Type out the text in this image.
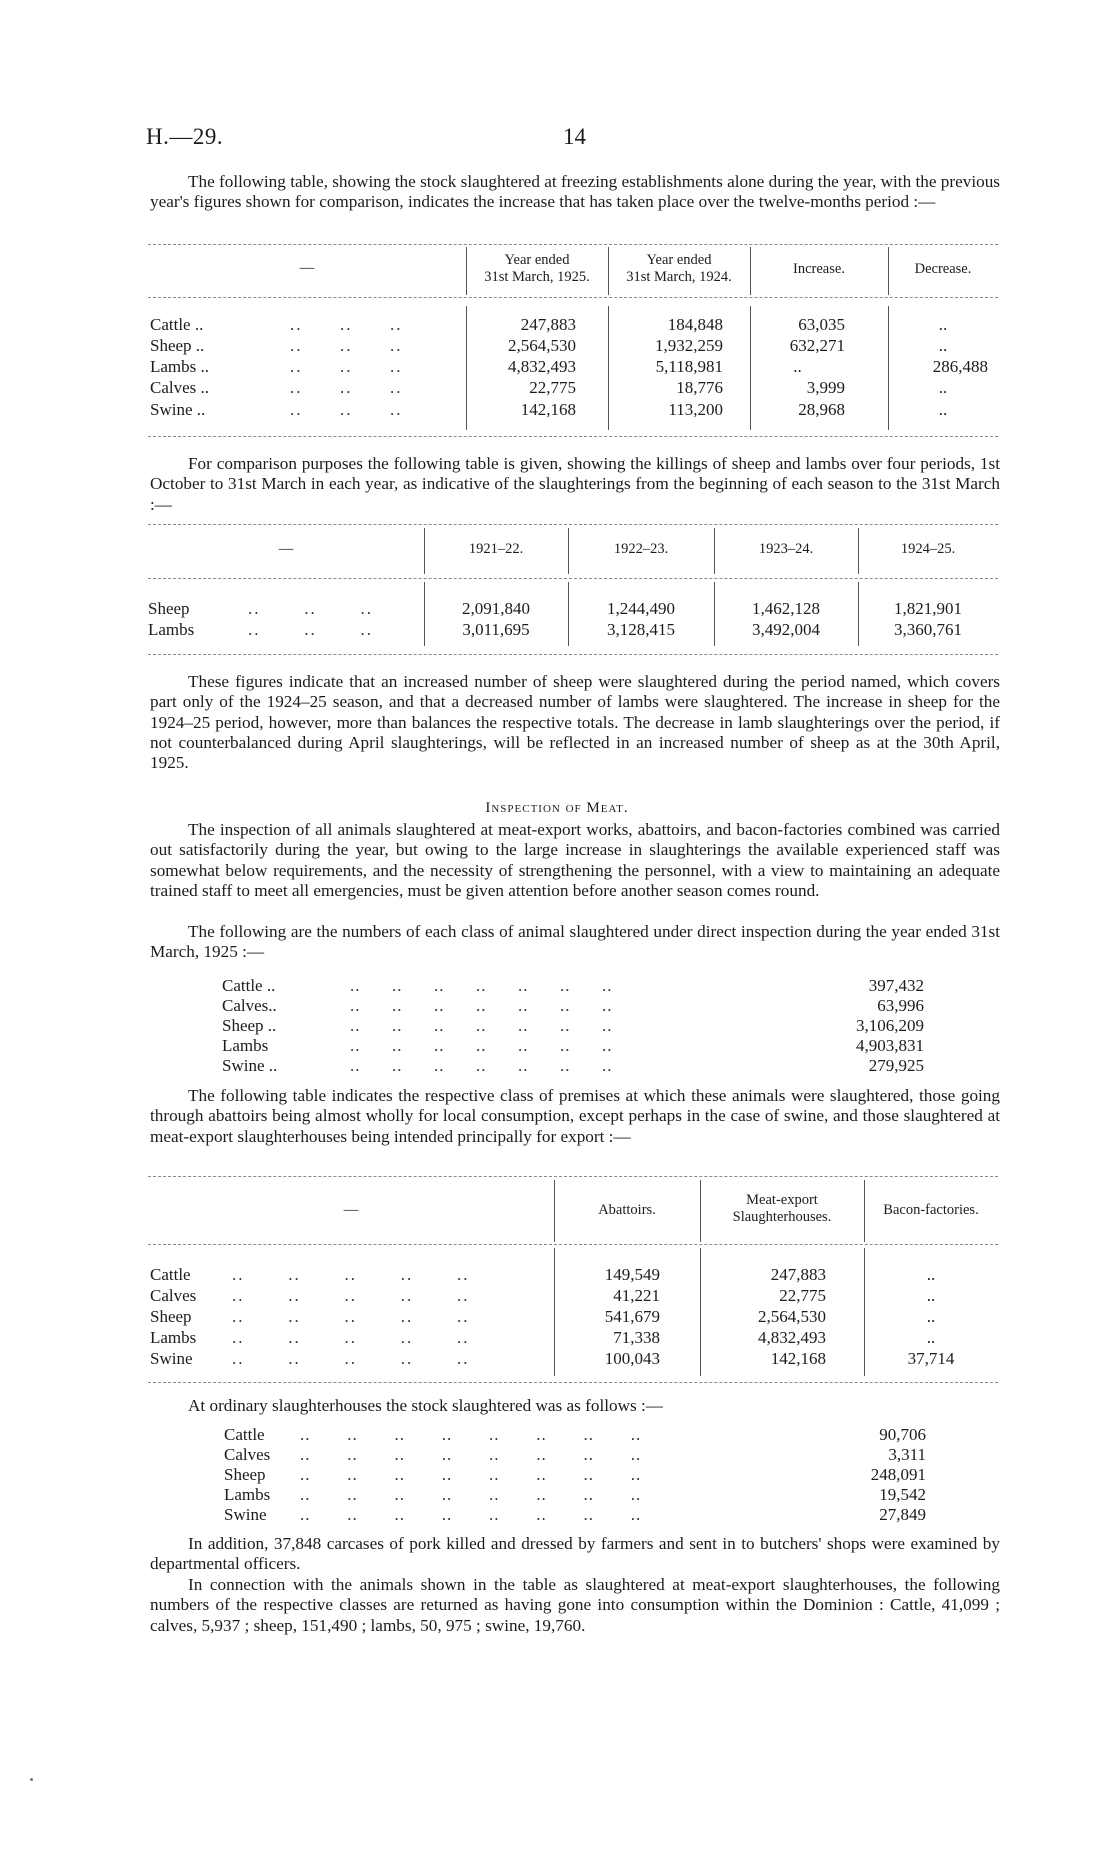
H.—29.	14

The following table, showing the stock slaughtered at freezing establishments alone during the year, with the previous year's figures shown for comparison, indicates the increase that has taken place over the twelve-months period :—

—	Year ended
31st March, 1925.
Year ended
31st March, 1924.	Increase.	Decrease.
Cattle ..	..      ..      ..	247,883	184,848	63,035	..
Sheep ..	..      ..      ..	2,564,530	1,932,259	632,271	..
Lambs ..	..      ..      ..	4,832,493	5,118,981	..	286,488
Calves ..	..      ..      ..	22,775	18,776	3,999	..
Swine ..	..      ..      ..	142,168	113,200	28,968	..

For comparison purposes the following table is given, showing the killings of sheep and lambs over four periods, 1st October to 31st March in each year, as indicative of the slaughterings from the beginning of each season to the 31st March :—

—	1921–22.	1922–23.	1923–24.	1924–25.
Sheep	..       ..       ..	2,091,840	1,244,490	1,462,128	1,821,901
Lambs	..       ..       ..	3,011,695	3,128,415	3,492,004	3,360,761

These figures indicate that an increased number of sheep were slaughtered during the period named, which covers part only of the 1924–25 season, and that a decreased number of lambs were slaughtered. The increase in sheep for the 1924–25 period, however, more than balances the respective totals. The decrease in lamb slaughterings over the period, if not counterbalanced during April slaughterings, will be reflected in an increased number of sheep as at the 30th April, 1925.

Inspection of Meat.

The inspection of all animals slaughtered at meat-export works, abattoirs, and bacon-factories combined was carried out satisfactorily during the year, but owing to the large increase in slaughterings the available experienced staff was somewhat below requirements, and the necessity of strengthening the personnel, with a view to maintaining an adequate trained staff to meet all emergencies, must be given attention before another season comes round.

The following are the numbers of each class of animal slaughtered under direct inspection during the year ended 31st March, 1925 :—

Cattle ..	..      ..      ..      ..      ..      ..      ..	397,432
Calves..	..      ..      ..      ..      ..      ..      ..	63,996
Sheep ..	..      ..      ..      ..      ..      ..      ..	3,106,209
Lambs	..      ..      ..      ..      ..      ..      ..	4,903,831
Swine ..	..      ..      ..      ..      ..      ..      ..	279,925

The following table indicates the respective class of premises at which these animals were slaughtered, those going through abattoirs being almost wholly for local consumption, except perhaps in the case of swine, and those slaughtered at meat-export slaughterhouses being intended principally for export :—

—	Abattoirs.
Meat-export
Slaughterhouses.	Bacon-factories.
Cattle ..       ..       ..       ..       ..	149,549	247,883	..
Calves ..       ..       ..       ..       ..	41,221	22,775	..
Sheep ..       ..       ..       ..       ..	541,679	2,564,530	..
Lambs ..       ..       ..       ..       ..	71,338	4,832,493	..
Swine ..       ..       ..       ..       ..	100,043	142,168	37,714

At ordinary slaughterhouses the stock slaughtered was as follows :—

Cattle ..       ..       ..       ..       ..       ..       ..       ..	90,706
Calves ..       ..       ..       ..       ..       ..       ..       ..	3,311
Sheep ..       ..       ..       ..       ..       ..       ..       ..	248,091
Lambs ..       ..       ..       ..       ..       ..       ..       ..	19,542
Swine ..       ..       ..       ..       ..       ..       ..       ..	27,849

In addition, 37,848 carcases of pork killed and dressed by farmers and sent in to butchers' shops were examined by departmental officers.

In connection with the animals shown in the table as slaughtered at meat-export slaughterhouses, the following numbers of the respective classes are returned as having gone into consumption within the Dominion : Cattle, 41,099 ; calves, 5,937 ; sheep, 151,490 ; lambs, 50, 975 ; swine, 19,760.
